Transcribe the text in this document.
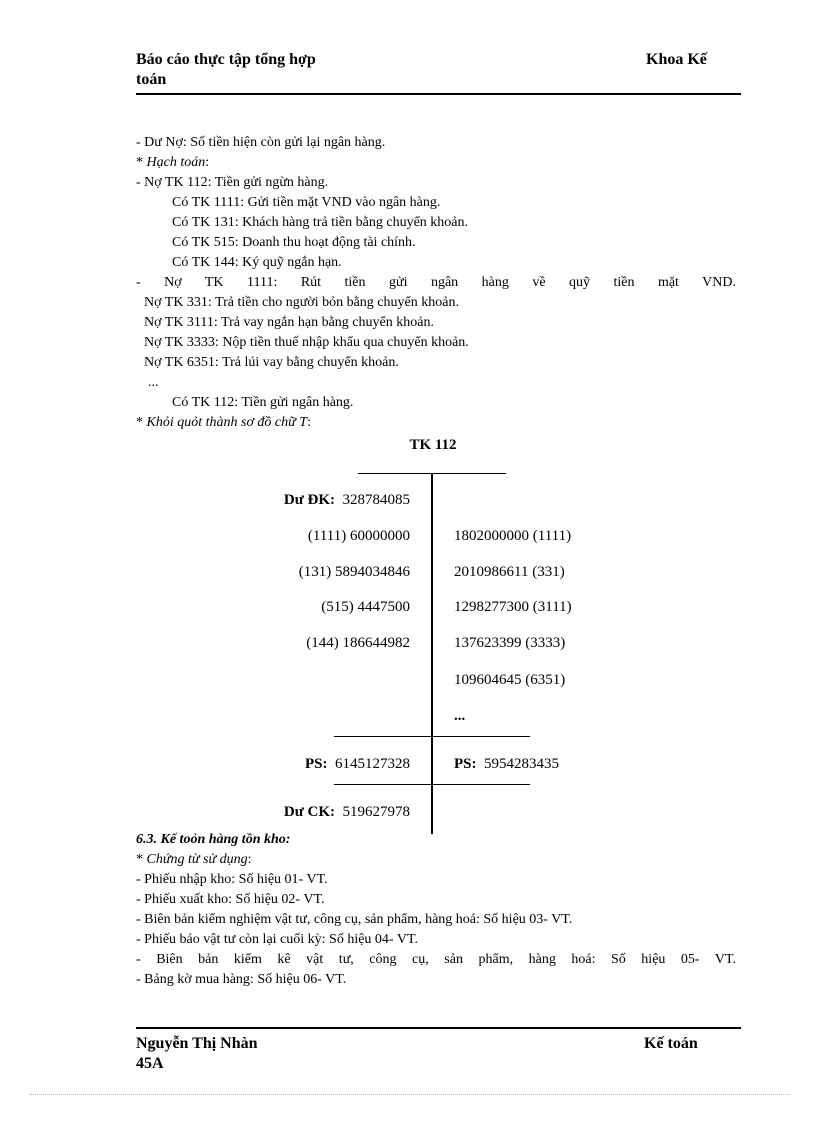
Báo cáo thực tập tổng hợp
toán
Khoa Kế
- Dư Nợ: Số tiền hiện còn gửi lại ngân hàng.
* Hạch toán:
- Nợ TK 112: Tiền gửi ngừn hàng.
Có TK 1111: Gửi tiền mặt VND vào ngân hàng.
Có TK 131: Khách hàng trả tiền bằng chuyển khoản.
Có TK 515: Doanh thu hoạt động tài chính.
Có TK 144: Ký quỹ ngắn hạn.
- Nợ TK 1111: Rút tiền gửi ngân hàng về quỹ tiền mặt VND.
Nợ TK 331: Trả tiền cho người bỏn bằng chuyển khoản.
Nợ TK 3111: Trả vay ngắn hạn bằng chuyển khoản.
Nợ TK 3333: Nộp tiền thuế nhập khẩu qua chuyển khoản.
Nợ TK 6351: Trả lúi vay bằng chuyển khoản.
...
Có TK 112: Tiền gửi ngân hàng.
* Khỏi quỏt thành sơ đồ chữ T:
TK 112
Dư ĐK: 328784085
(1111) 60000000
(131) 5894034846
(515) 4447500
(144) 186644982
1802000000 (1111)
2010986611 (331)
1298277300 (3111)
137623399 (3333)
109604645 (6351)
...
PS: 6145127328	PS: 5954283435
Dư CK: 519627978
6.3. Kế toỏn hàng tồn kho:
* Chứng từ sử dụng:
- Phiếu nhập kho: Số hiệu 01- VT.
- Phiếu xuất kho: Số hiệu 02- VT.
- Biên bản kiểm nghiệm vật tư, công cụ, sản phẩm, hàng hoá: Số hiệu 03- VT.
- Phiếu báo vật tư còn lại cuối kỳ: Số hiệu 04- VT.
- Biên bản kiểm kê vật tư, công cụ, sản phẩm, hàng hoá: Số hiệu 05- VT.
- Bảng kờ mua hàng: Số hiệu 06- VT.
Nguyễn Thị Nhàn
45A
Kế toán
